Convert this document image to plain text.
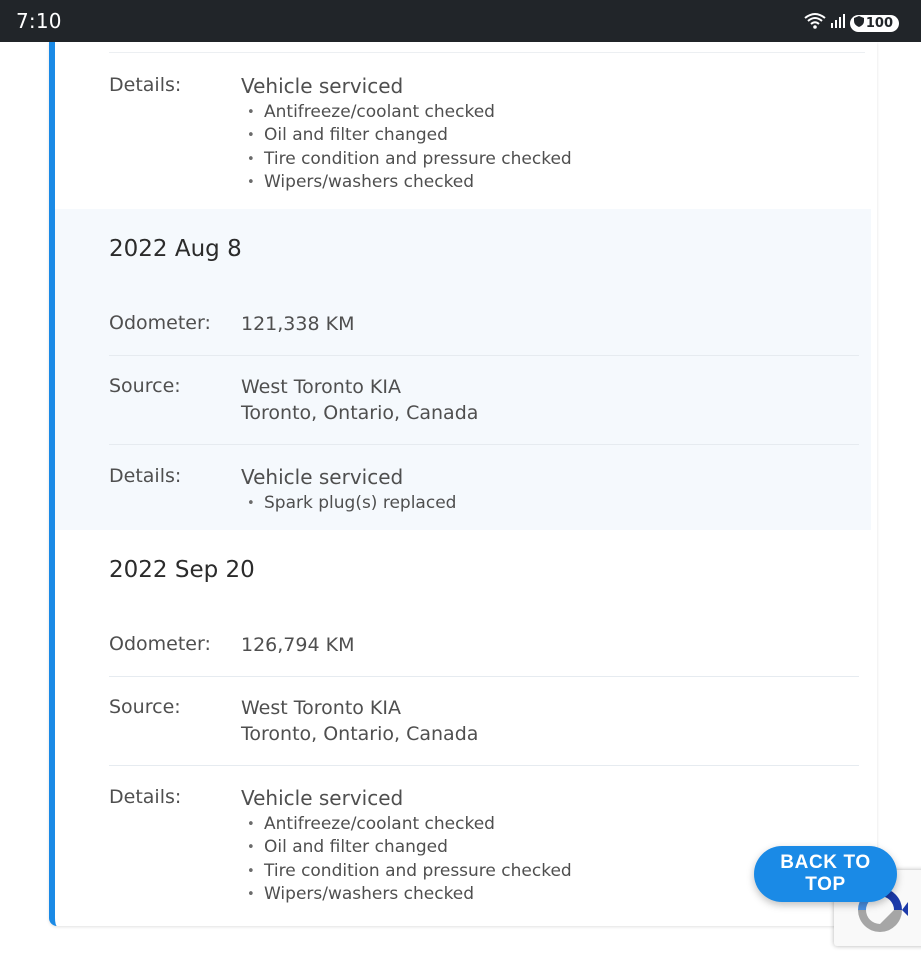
7:10	100
Details:	Vehicle serviced
• Antifreeze/coolant checked
• Oil and filter changed
• Tire condition and pressure checked
• Wipers/washers checked
2022 Aug 8
Odometer: 121,338 KM
Source:	West Toronto KIA
Toronto, Ontario, Canada
Details:	Vehicle serviced
• Spark plug(s) replaced
2022 Sep 20
Odometer: 126,794 KM
Source:	West Toronto KIA
Toronto, Ontario, Canada
Details:	Vehicle serviced
• Antifreeze/coolant checked
• Oil and filter changed
• Tire condition and pressure checked
• Wipers/washers checked
BACK TO TOP
